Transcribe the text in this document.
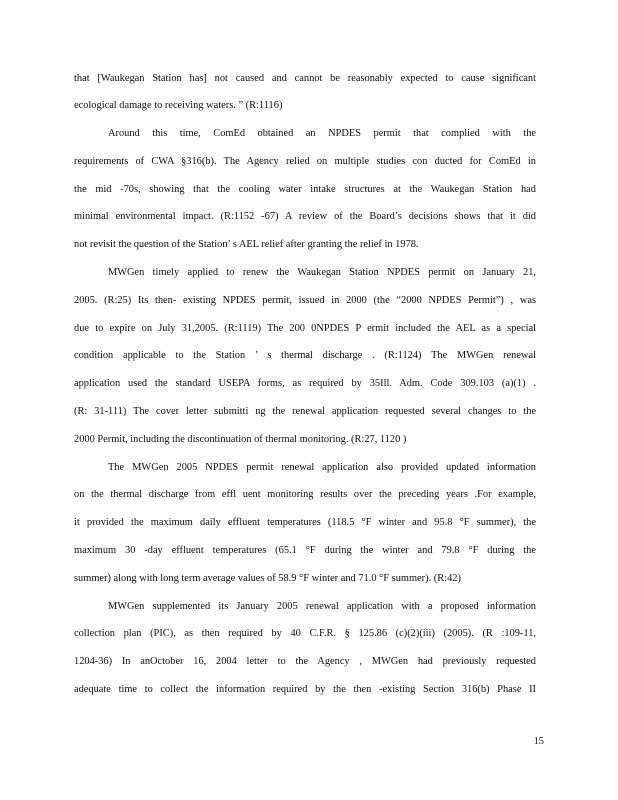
that [Waukegan Station has] not caused and cannot be reasonably expected to cause significant
ecological damage to receiving waters. ” (R:1116)
Around this time, ComEd obtained an NPDES permit that complied with the
requirements of CWA §316(b). The Agency relied on multiple studies con ducted for ComEd in
the mid -70s, showing that the cooling water intake structures at the Waukegan Station had
minimal environmental impact. (R:1152 -67) A review of the Board’s decisions shows that it did
not revisit the question of the Station’ s AEL relief after granting the relief in 1978.
MWGen timely applied to renew the Waukegan Station NPDES permit on January 21,
2005. (R:25) Its then- existing NPDES permit, issued in 2000 (the “2000 NPDES Permit”) , was
due to expire on July 31,2005. (R:1119) The 200 0NPDES P ermit included the AEL as a special
condition applicable to the Station ’ s thermal discharge . (R:1124) The MWGen renewal
application used the standard USEPA forms, as required by 35Ill. Adm. Code 309.103 (a)(1) .
(R: 31-111) The cover letter submitti ng the renewal application requested several changes to the
2000 Permit, including the discontinuation of thermal monitoring. (R:27, 1120 )
The MWGen 2005 NPDES permit renewal application also provided updated information
on the thermal discharge from effl uent monitoring results over the preceding years .For example,
it provided the maximum daily effluent temperatures (118.5 °F winter and 95.8 °F summer), the
maximum 30 -day effluent temperatures (65.1 °F during the winter and 79.8 °F during the
summer) along with long term average values of 58.9 °F winter and 71.0 °F summer). (R:42)
MWGen supplemented its January 2005 renewal application with a proposed information
collection plan (PIC), as then required by 40 C.F.R. § 125.86 (c)(2)(iii) (2005). (R :109-11,
1204-36) In anOctober 16, 2004 letter to the Agency , MWGen had previously requested
adequate time to collect the information required by the then -existing Section 316(b) Phase II
15
